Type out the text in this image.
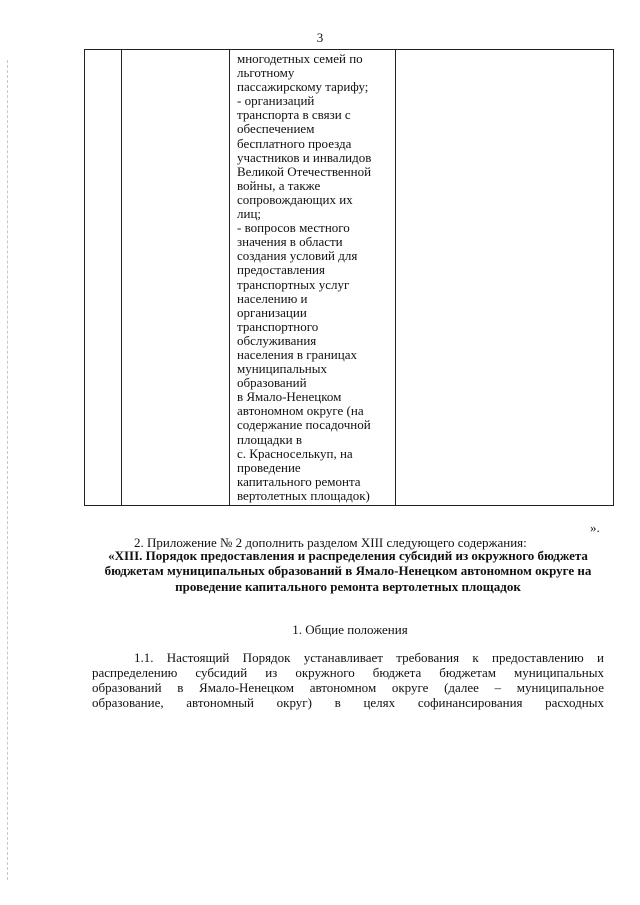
3

многодетных семей по
льготному
пассажирскому тарифу;
- организаций
транспорта в связи с
обеспечением
бесплатного проезда
участников и инвалидов
Великой Отечественной
войны, а также
сопровождающих их
лиц;
- вопросов местного
значения в области
создания условий для
предоставления
транспортных услуг
населению и
организации
транспортного
обслуживания
населения в границах
муниципальных
образований
в Ямало-Ненецком
автономном округе (на
содержание посадочной
площадки в
с. Красноселькуп, на
проведение
капитального ремонта
вертолетных площадок)

».
2. Приложение № 2 дополнить разделом XIII следующего содержания:
«XIII. Порядок предоставления и распределения субсидий из окружного бюджета бюджетам муниципальных образований в Ямало-Ненецком автономном округе на проведение капитального ремонта вертолетных площадок
1. Общие положения
1.1. Настоящий Порядок устанавливает требования к предоставлению и
распределению субсидий из окружного бюджета бюджетам муниципальных
образований в Ямало-Ненецком автономном округе (далее – муниципальное
образование, автономный округ) в целях софинансирования расходных
